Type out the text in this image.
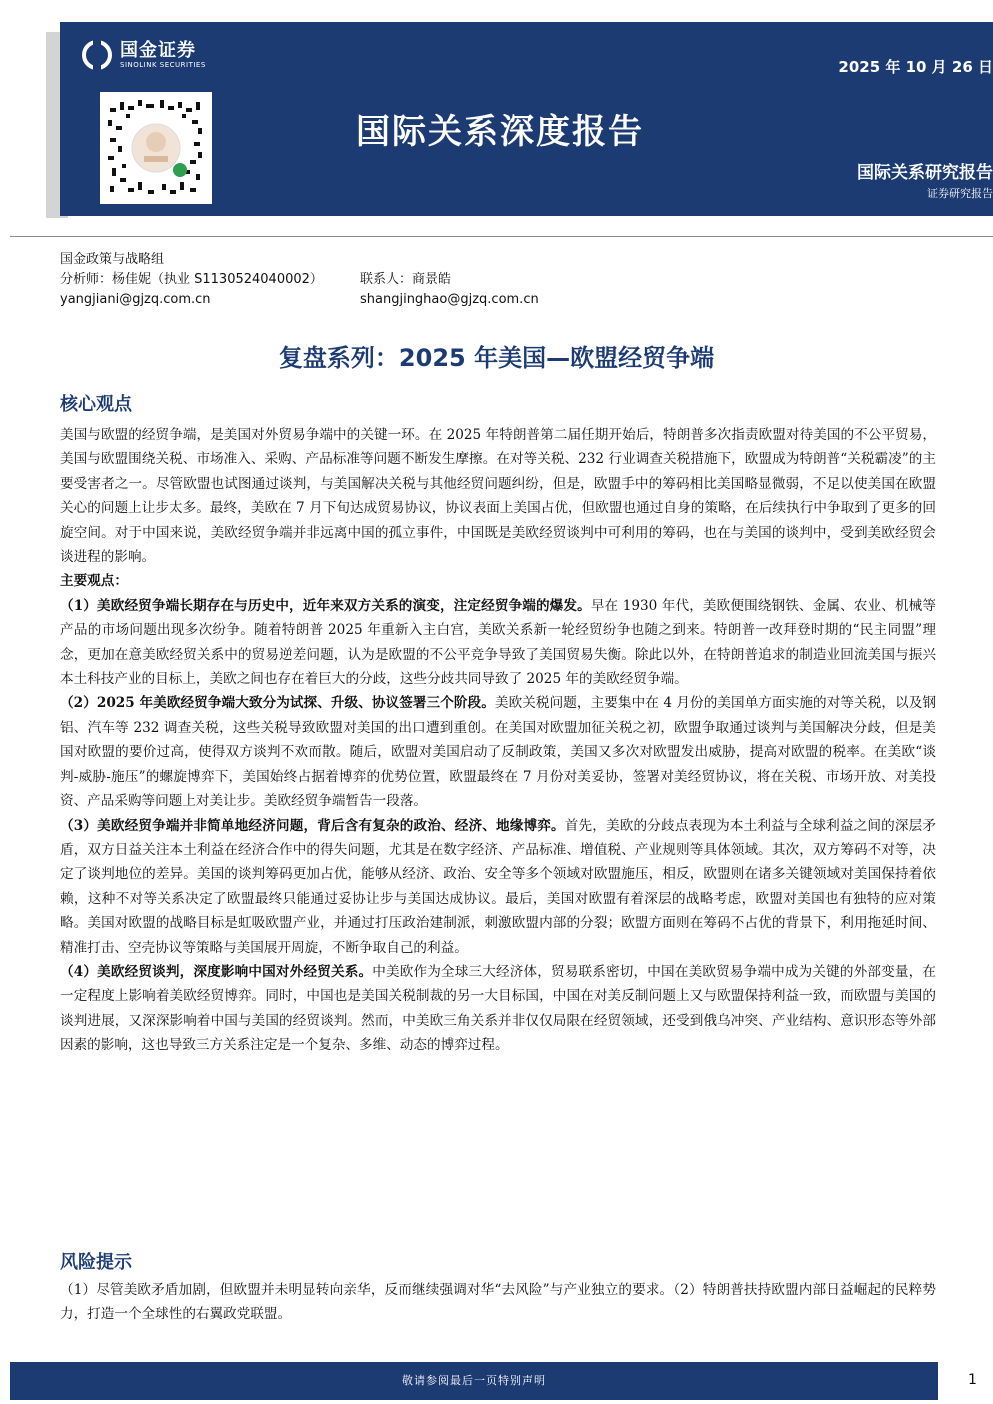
国金证券
SINOLINK SECURITIES	2025 年 10 月 26 日
国际关系深度报告
国际关系研究报告
证券研究报告
国金政策与战略组
分析师：杨佳妮（执业 S1130524040002）	联系人：商景皓
yangjiani@gjzq.com.cn	shangjinghao@gjzq.com.cn
复盘系列：2025 年美国—欧盟经贸争端
核心观点

美国与欧盟的经贸争端，是美国对外贸易争端中的关键一环。在 2025 年特朗普第二届任期开始后，特朗普多次指责欧盟对待美国的不公平贸易，美国与欧盟围绕关税、市场准入、采购、产品标准等问题不断发生摩擦。在对等关税、232 行业调查关税措施下，欧盟成为特朗普“关税霸凌”的主要受害者之一。尽管欧盟也试图通过谈判，与美国解决关税与其他经贸问题纠纷，但是，欧盟手中的筹码相比美国略显微弱，不足以使美国在欧盟关心的问题上让步太多。最终，美欧在 7 月下旬达成贸易协议，协议表面上美国占优，但欧盟也通过自身的策略，在后续执行中争取到了更多的回旋空间。对于中国来说，美欧经贸争端并非远离中国的孤立事件，中国既是美欧经贸谈判中可利用的筹码，也在与美国的谈判中，受到美欧经贸会谈进程的影响。

主要观点：

（1）美欧经贸争端长期存在与历史中，近年来双方关系的演变，注定经贸争端的爆发。早在 1930 年代，美欧便围绕钢铁、金属、农业、机械等产品的市场问题出现多次纷争。随着特朗普 2025 年重新入主白宫，美欧关系新一轮经贸纷争也随之到来。特朗普一改拜登时期的“民主同盟”理念，更加在意美欧经贸关系中的贸易逆差问题，认为是欧盟的不公平竞争导致了美国贸易失衡。除此以外，在特朗普追求的制造业回流美国与振兴本土科技产业的目标上，美欧之间也存在着巨大的分歧，这些分歧共同导致了 2025 年的美欧经贸争端。

（2）2025 年美欧经贸争端大致分为试探、升级、协议签署三个阶段。美欧关税问题，主要集中在 4 月份的美国单方面实施的对等关税，以及钢铝、汽车等 232 调查关税，这些关税导致欧盟对美国的出口遭到重创。在美国对欧盟加征关税之初，欧盟争取通过谈判与美国解决分歧，但是美国对欧盟的要价过高，使得双方谈判不欢而散。随后，欧盟对美国启动了反制政策，美国又多次对欧盟发出威胁，提高对欧盟的税率。在美欧“谈判-威胁-施压”的螺旋博弈下，美国始终占据着博弈的优势位置，欧盟最终在 7 月份对美妥协，签署对美经贸协议，将在关税、市场开放、对美投资、产品采购等问题上对美让步。美欧经贸争端暂告一段落。

（3）美欧经贸争端并非简单地经济问题，背后含有复杂的政治、经济、地缘博弈。首先，美欧的分歧点表现为本土利益与全球利益之间的深层矛盾，双方日益关注本土利益在经济合作中的得失问题，尤其是在数字经济、产品标准、增值税、产业规则等具体领域。其次，双方筹码不对等，决定了谈判地位的差异。美国的谈判筹码更加占优，能够从经济、政治、安全等多个领域对欧盟施压，相反，欧盟则在诸多关键领域对美国保持着依赖，这种不对等关系决定了欧盟最终只能通过妥协让步与美国达成协议。最后，美国对欧盟有着深层的战略考虑，欧盟对美国也有独特的应对策略。美国对欧盟的战略目标是虹吸欧盟产业，并通过打压政治建制派，刺激欧盟内部的分裂；欧盟方面则在筹码不占优的背景下，利用拖延时间、精准打击、空壳协议等策略与美国展开周旋，不断争取自己的利益。

（4）美欧经贸谈判，深度影响中国对外经贸关系。中美欧作为全球三大经济体，贸易联系密切，中国在美欧贸易争端中成为关键的外部变量，在一定程度上影响着美欧经贸博弈。同时，中国也是美国关税制裁的另一大目标国，中国在对美反制问题上又与欧盟保持利益一致，而欧盟与美国的谈判进展，又深深影响着中国与美国的经贸谈判。然而，中美欧三角关系并非仅仅局限在经贸领域，还受到俄乌冲突、产业结构、意识形态等外部因素的影响，这也导致三方关系注定是一个复杂、多维、动态的博弈过程。

风险提示

（1）尽管美欧矛盾加剧，但欧盟并未明显转向亲华，反而继续强调对华“去风险”与产业独立的要求。（2）特朗普扶持欧盟内部日益崛起的民粹势力，打造一个全球性的右翼政党联盟。

敬请参阅最后一页特别声明	1
